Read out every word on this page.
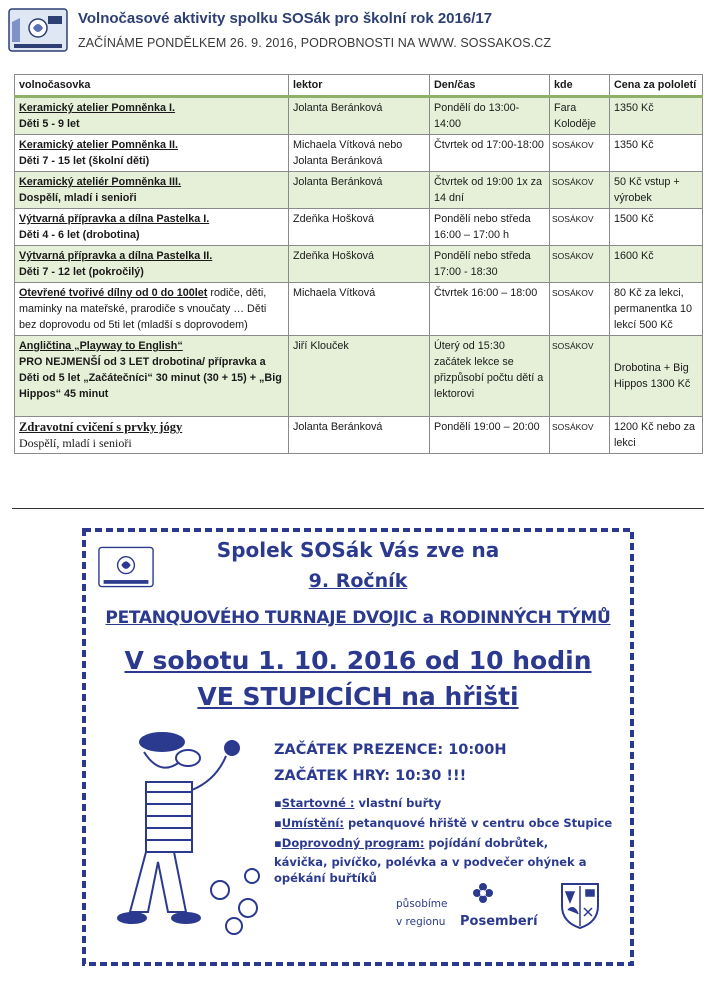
Volnočasové aktivity spolku SOSák pro školní rok 2016/17
ZAČÍNÁME PONDĚLKEM 26. 9. 2016, PODROBNOSTI NA WWW. SOSSAKOS.CZ
volnočasovka	lektor	Den/čas	kde	Cena za pololetí

Keramický atelier Pomněnka I.
Děti 5 - 9 let	Jolanta Beránková	Pondělí do 13:00-14:00	Fara Koloděje	1350 Kč

Keramický atelier Pomněnka II.
Děti 7 - 15 let (školní děti)	Michaela Vítková nebo Jolanta Beránková	Čtvrtek od 17:00-18:00	SOSÁKOV	1350 Kč

Keramický ateliér Pomněnka III.
Dospělí, mladí i senioři	Jolanta Beránková	Čtvrtek od 19:00 1x za 14 dní	SOSÁKOV	50 Kč vstup + výrobek

Výtvarná přípravka a dílna Pastelka I.
Děti 4 - 6 let (drobotina)	Zdeňka Hošková	Pondělí nebo středa 16:00 – 17:00 h	SOSÁKOV	1500 Kč

Výtvarná přípravka a dílna Pastelka II.
Děti 7 - 12 let (pokročilý)	Zdeňka Hošková	Pondělí nebo středa 17:00 - 18:30	SOSÁKOV	1600 Kč
Otevřené tvořivé dílny od 0 do 100let rodiče, děti, maminky na mateřské, prarodiče s vnoučaty … Děti bez doprovodu od 5ti let (mladší s doprovodem)	Michaela Vítková	Čtvrtek 16:00 – 18:00	SOSÁKOV	80 Kč za lekci, permanentka 10 lekcí 500 Kč

Angličtina „Playway to English“
PRO NEJMENŠÍ od 3 LET drobotina/ přípravka a Děti od 5 let „Začátečníci“ 30 minut (30 + 15) + „Big Hippos“ 45 minut	Jiří Klouček	Úterý od 15:30 začátek lekce se přizpůsobí počtu dětí a lektorovi	SOSÁKOV	Drobotina + Big Hippos 1300 Kč

Zdravotní cvičení s prvky jógy
Dospělí, mladí i senioři	Jolanta Beránková	Pondělí 19:00 – 20:00	SOSÁKOV	1200 Kč nebo za lekci
Spolek SOSák Vás zve na
9. Ročník
PETANQUOVÉHO TURNAJE DVOJIC a RODINNÝCH TÝMŮ
V sobotu 1. 10. 2016 od 10 hodin
VE STUPICÍCH na hřišti
ZAČÁTEK PREZENCE: 10:00H
ZAČÁTEK HRY: 10:30 !!!
▪Startovné : vlastní buřty
▪Umístění: petanquové hřiště v centru obce Stupice
▪Doprovodný program: pojídání dobrůtek,
kávička, pivíčko, polévka a v podvečer ohýnek a opékání buřtíků
působíme
v regionu Posemberí
